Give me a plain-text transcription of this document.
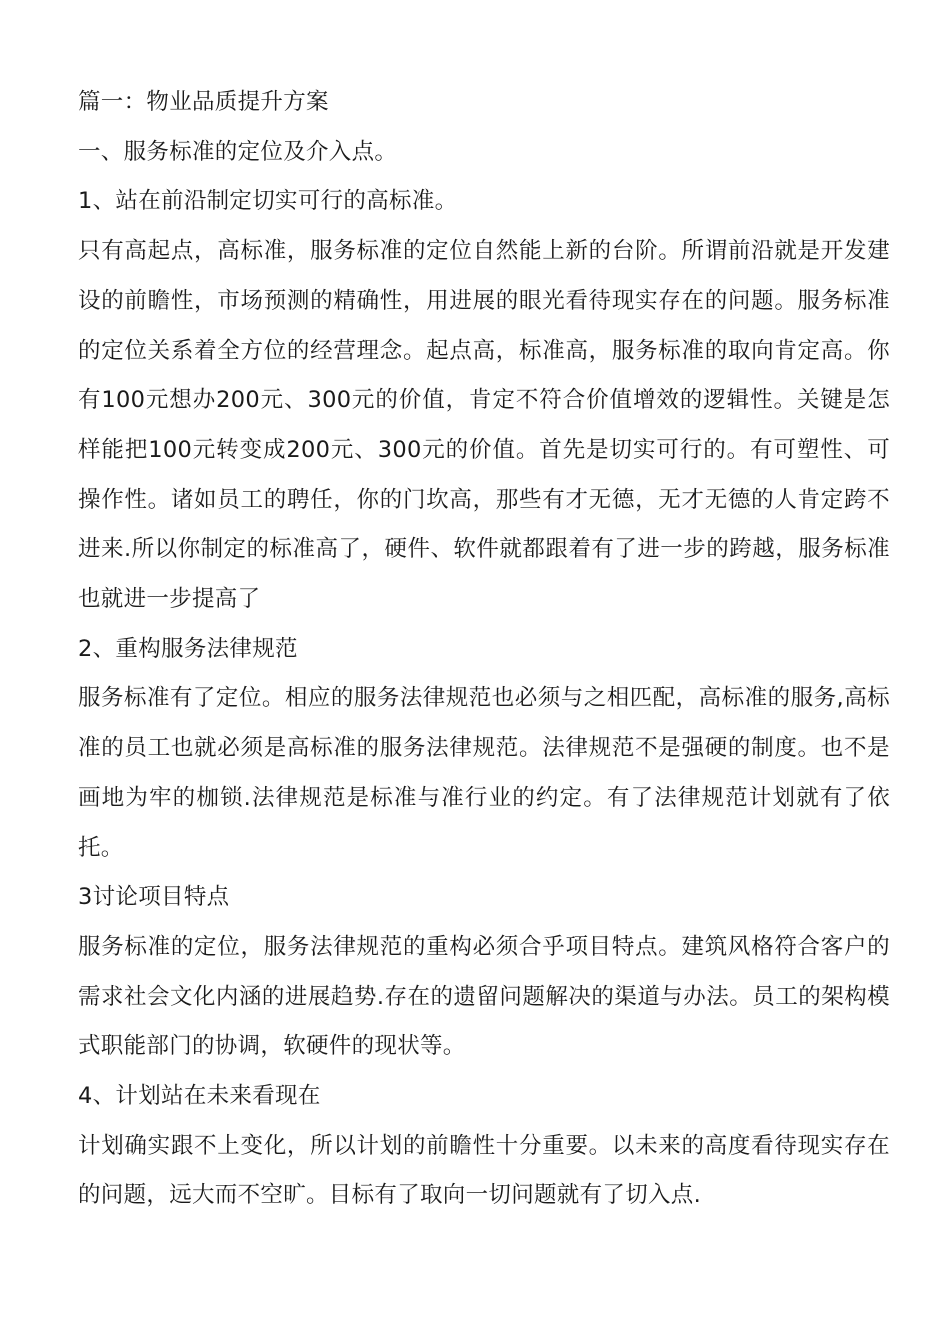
篇一：物业品质提升方案

一、服务标准的定位及介入点。

1、站在前沿制定切实可行的高标准。

只有高起点，高标准，服务标准的定位自然能上新的台阶。所谓前沿就是开发建设的前瞻性，市场预测的精确性，用进展的眼光看待现实存在的问题。服务标准的定位关系着全方位的经营理念。起点高，标准高，服务标准的取向肯定高。你有100元想办200元、300元的价值，肯定不符合价值增效的逻辑性。关键是怎样能把100元转变成200元、300元的价值。首先是切实可行的。有可塑性、可操作性。诸如员工的聘任，你的门坎高，那些有才无德，无才无德的人肯定跨不进来.所以你制定的标准高了，硬件、软件就都跟着有了进一步的跨越，服务标准也就进一步提高了

2、重构服务法律规范

服务标准有了定位。相应的服务法律规范也必须与之相匹配，高标准的服务,高标准的员工也就必须是高标准的服务法律规范。法律规范不是强硬的制度。也不是画地为牢的枷锁.法律规范是标准与准行业的约定。有了法律规范计划就有了依托。

3讨论项目特点

服务标准的定位，服务法律规范的重构必须合乎项目特点。建筑风格符合客户的需求社会文化内涵的进展趋势.存在的遗留问题解决的渠道与办法。员工的架构模式职能部门的协调，软硬件的现状等。

4、计划站在未来看现在

计划确实跟不上变化，所以计划的前瞻性十分重要。以未来的高度看待现实存在的问题，远大而不空旷。目标有了取向一切问题就有了切入点.
